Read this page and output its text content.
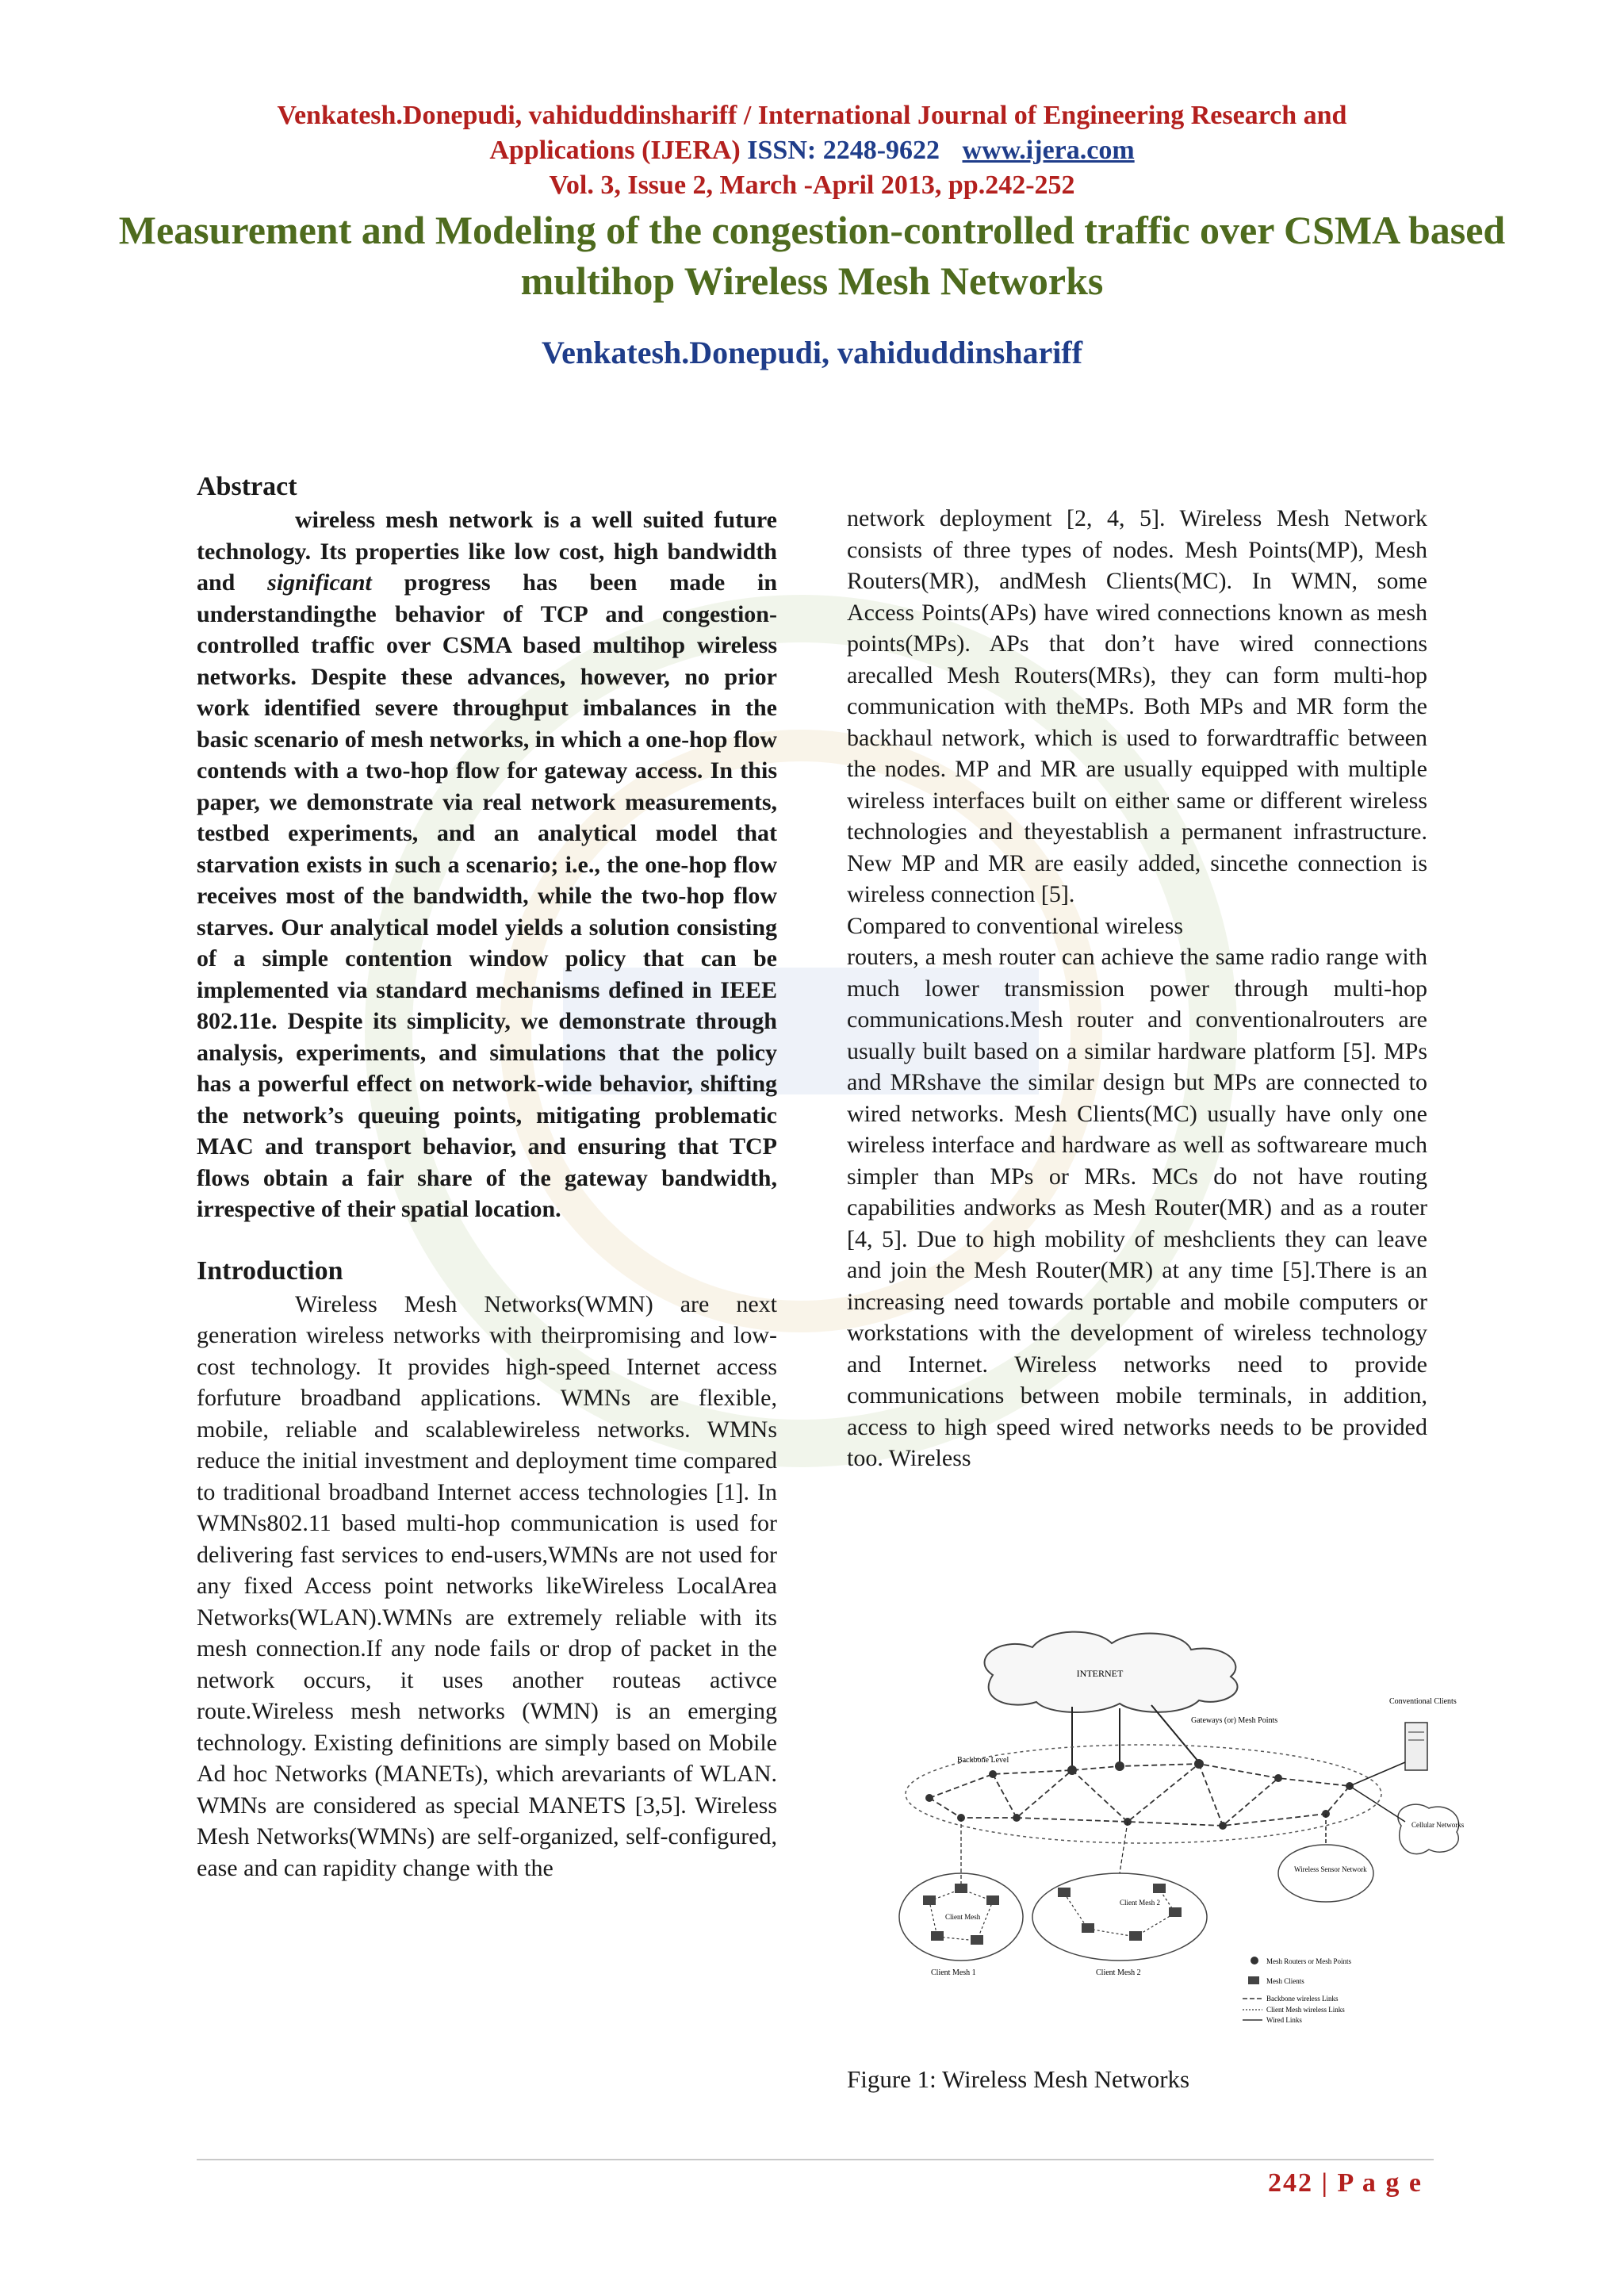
Venkatesh.Donepudi, vahiduddinshariff / International Journal of Engineering Research and
Applications (IJERA) ISSN: 2248-9622 www.ijera.com
Vol. 3, Issue 2, March -April 2013, pp.242-252
Measurement and Modeling of the congestion-controlled traffic over CSMA based multihop Wireless Mesh Networks
Venkatesh.Donepudi, vahiduddinshariff
Abstract

wireless mesh network is a well suited future technology. Its properties like low cost, high bandwidth and significant progress has been made in understandingthe behavior of TCP and congestion-controlled traffic over CSMA based multihop wireless networks. Despite these advances, however, no prior work identified severe throughput imbalances in the basic scenario of mesh networks, in which a one-hop flow contends with a two-hop flow for gateway access. In this paper, we demonstrate via real network measurements, testbed experiments, and an analytical model that starvation exists in such a scenario; i.e., the one-hop flow receives most of the bandwidth, while the two-hop flow starves. Our analytical model yields a solution consisting of a simple contention window policy that can be implemented via standard mechanisms defined in IEEE 802.11e. Despite its simplicity, we demonstrate through analysis, experiments, and simulations that the policy has a powerful effect on network-wide behavior, shifting the network’s queuing points, mitigating problematic MAC and transport behavior, and ensuring that TCP flows obtain a fair share of the gateway bandwidth, irrespective of their spatial location.

Introduction

Wireless Mesh Networks(WMN) are next generation wireless networks with theirpromising and low-cost technology. It provides high-speed Internet access forfuture broadband applications. WMNs are flexible, mobile, reliable and scalablewireless networks. WMNs reduce the initial investment and deployment time compared to traditional broadband Internet access technologies [1]. In WMNs802.11 based multi-hop communication is used for delivering fast services to end-users,WMNs are not used for any fixed Access point networks likeWireless LocalArea Networks(WLAN).WMNs are extremely reliable with its mesh connection.If any node fails or drop of packet in the network occurs, it uses another routeas activce route.Wireless mesh networks (WMN) is an emerging technology. Existing definitions are simply based on Mobile Ad hoc Networks (MANETs), which arevariants of WLAN. WMNs are considered as special MANETS [3,5]. Wireless Mesh Networks(WMNs) are self-organized, self-configured, ease and can rapidity change with the

network deployment [2, 4, 5]. Wireless Mesh Network consists of three types of nodes. Mesh Points(MP), Mesh Routers(MR), andMesh Clients(MC). In WMN, some Access Points(APs) have wired connections known as mesh points(MPs). APs that don’t have wired connections arecalled Mesh Routers(MRs), they can form multi-hop communication with theMPs. Both MPs and MR form the backhaul network, which is used to forwardtraffic between the nodes. MP and MR are usually equipped with multiple wireless interfaces built on either same or different wireless technologies and theyestablish a permanent infrastructure. New MP and MR are easily added, sincethe connection is wireless connection [5].

Compared to conventional wireless

routers, a mesh router can achieve the same radio range with much lower transmission power through multi-hop communications.Mesh router and conventionalrouters are usually built based on a similar hardware platform [5]. MPs and MRshave the similar design but MPs are connected to wired networks. Mesh Clients(MC) usually have only one wireless interface and hardware as well as softwareare much simpler than MPs or MRs. MCs do not have routing capabilities andworks as Mesh Router(MR) and as a router [4, 5]. Due to high mobility of meshclients they can leave and join the Mesh Router(MR) at any time [5].There is an increasing need towards portable and mobile computers or workstations with the development of wireless technology and Internet. Wireless networks need to provide communications between mobile terminals, in addition, access to high speed wired networks needs to be provided too. Wireless

INTERNET
Gateways (or) Mesh Points
Backbone Level
Conventional Clients
Cellular Networks
Wireless Sensor Network
Client Mesh
Client Mesh 1
Client Mesh 2
Client Mesh 2
Mesh Routers or Mesh Points
Mesh Clients
Backbone wireless Links
Client Mesh wireless Links
Wired Links
Figure 1: Wireless Mesh Networks
242 | P a g e
